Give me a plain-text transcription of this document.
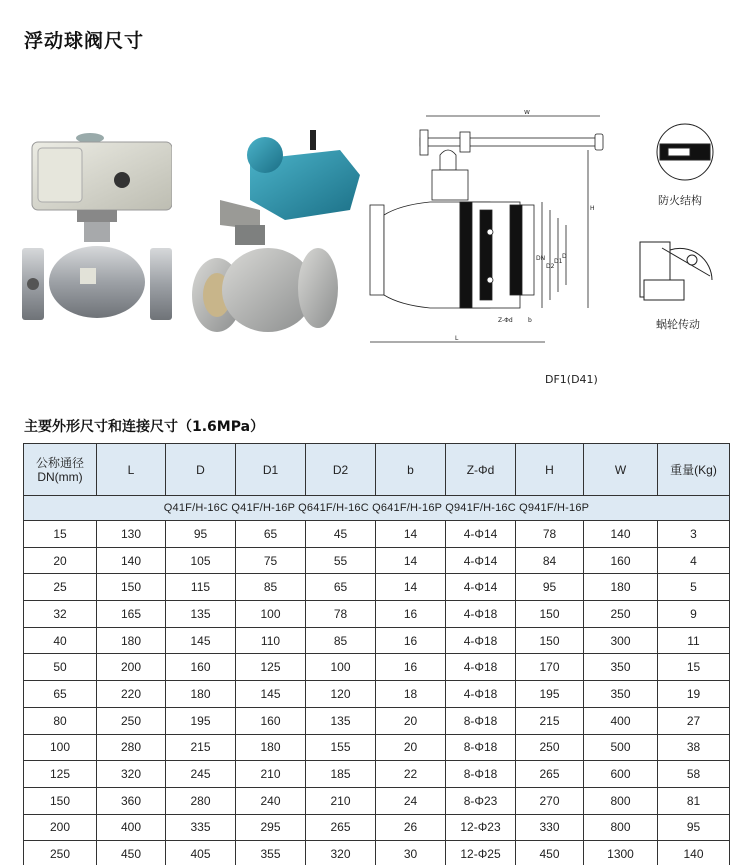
浮动球阀尺寸
W
DN
D2
D1
D
H
L
Z-Φd	b
防火结构
蜗轮传动
DF1(D41)
主要外形尺寸和连接尺寸（1.6MPa）
公称通径
DN(mm)	L	D	D1	D2	b	Z-Φd	H	W	重量(Kg)
Q41F/H-16C Q41F/H-16P Q641F/H-16C Q641F/H-16P Q941F/H-16C Q941F/H-16P									
15	130	95	65	45	14	4-Φ14	78	140	3
20	140	105	75	55	14	4-Φ14	84	160	4
25	150	115	85	65	14	4-Φ14	95	180	5
32	165	135	100	78	16	4-Φ18	150	250	9
40	180	145	110	85	16	4-Φ18	150	300	11
50	200	160	125	100	16	4-Φ18	170	350	15
65	220	180	145	120	18	4-Φ18	195	350	19
80	250	195	160	135	20	8-Φ18	215	400	27
100	280	215	180	155	20	8-Φ18	250	500	38
125	320	245	210	185	22	8-Φ18	265	600	58
150	360	280	240	210	24	8-Φ23	270	800	81
200	400	335	295	265	26	12-Φ23	330	800	95
250	450	405	355	320	30	12-Φ25	450	1300	140
